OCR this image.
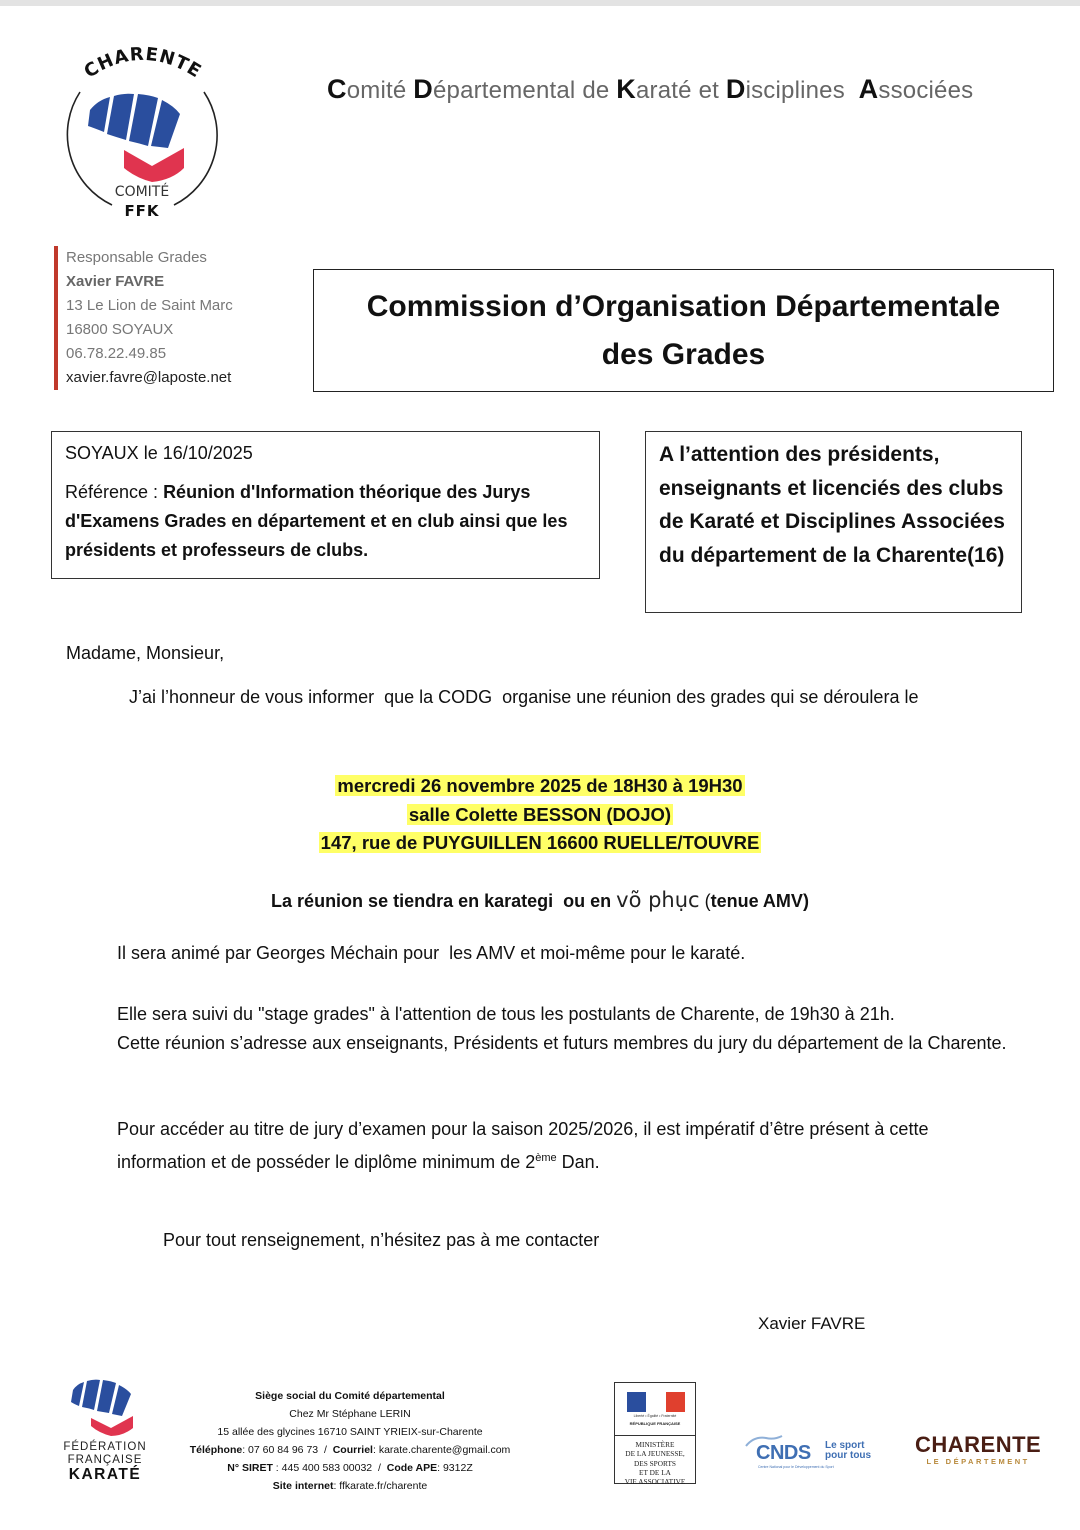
CHARENTE
COMITÉ
FFK
Comité Départemental de Karaté et Disciplines  Associées
Responsable Grades
Xavier FAVRE
13 Le Lion de Saint Marc
16800 SOYAUX
06.78.22.49.85
xavier.favre@laposte.net
Commission d’Organisation Départementale
des Grades
SOYAUX le 16/10/2025
Référence : Réunion d'Information théorique des Jurys d'Examens Grades en département et en club ainsi que les présidents et professeurs de clubs.
A l’attention des présidents, enseignants et licenciés des clubs de Karaté et Disciplines Associées du département de la Charente(16)
Madame, Monsieur,
J’ai l’honneur de vous informer  que la CODG  organise une réunion des grades qui se déroulera le
mercredi 26 novembre 2025 de 18H30 à 19H30
salle Colette BESSON (DOJO)
147, rue de PUYGUILLEN 16600 RUELLE/TOUVRE
La réunion se tiendra en karategi  ou en võ phục (tenue AMV)
Il sera animé par Georges Méchain pour  les AMV et moi-même pour le karaté.
Elle sera suivi du "stage grades" à l'attention de tous les postulants de Charente, de 19h30 à 21h.
Cette réunion s’adresse aux enseignants, Présidents et futurs membres du jury du département de la Charente.
Pour accéder au titre de jury d’examen pour la saison 2025/2026, il est impératif d’être présent à cette information et de posséder le diplôme minimum de 2ème Dan.
Pour tout renseignement, n’hésitez pas à me contacter
Xavier FAVRE
FÉDÉRATION
FRANÇAISE
KARATÉ
Siège social du Comité départemental
Chez Mr Stéphane LERIN
15 allée des glycines 16710 SAINT YRIEIX-sur-Charente
Téléphone: 07 60 84 96 73  /  Courriel: karate.charente@gmail.com
N° SIRET : 445 400 583 00032  /  Code APE: 9312Z
Site internet: ffkarate.fr/charente
Liberté • Égalité • Fraternité
RÉPUBLIQUE FRANÇAISE
MINISTÈRE
DE LA JEUNESSE,
DES SPORTS
ET DE LA
VIE ASSOCIATIVE
CNDS Le sport
pour tous
Centre National pour le Développement du Sport
CHARENTE
LE DÉPARTEMENT
